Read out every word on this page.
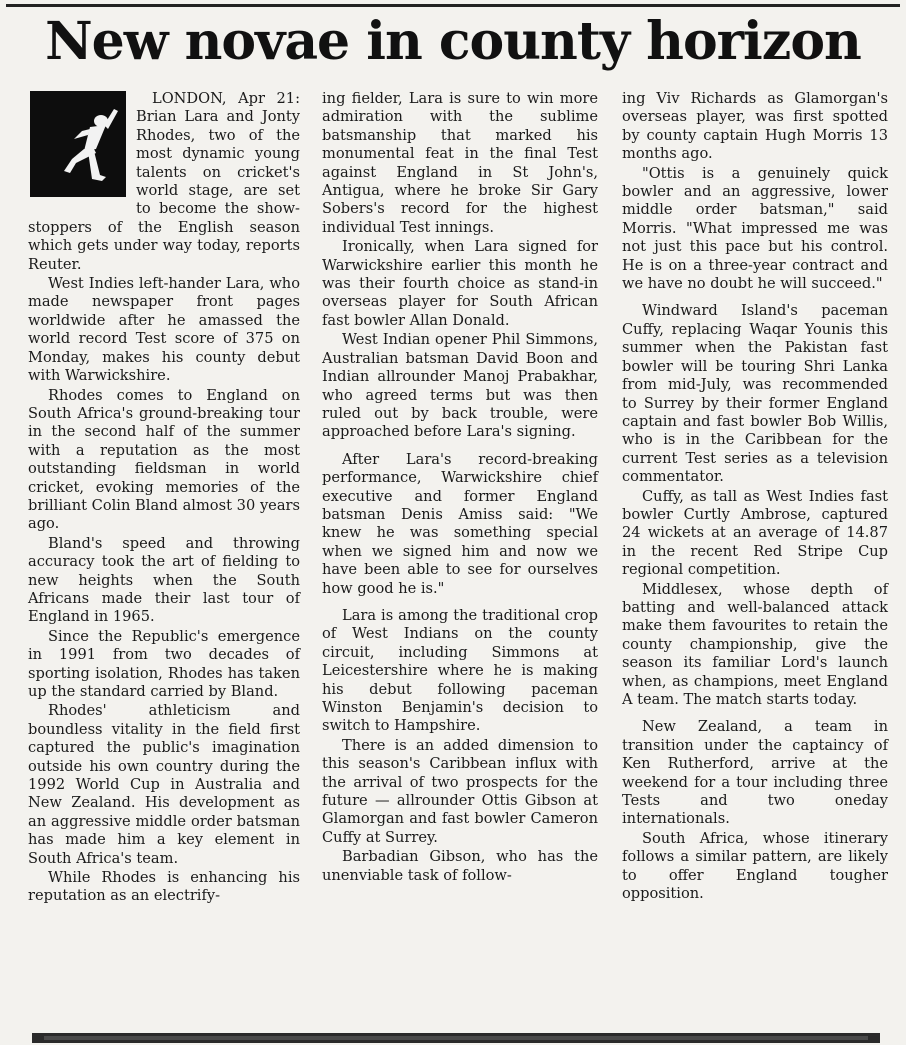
New novae in county horizon

LONDON, Apr 21: Brian Lara and Jonty Rhodes, two of the most dynamic young talents on cricket's world stage, are set to become the show-stoppers of the English season which gets under way today, reports Reuter.

West Indies left-hander Lara, who made newspaper front pages worldwide after he amassed the world record Test score of 375 on Monday, makes his county debut with Warwickshire.

Rhodes comes to England on South Africa's ground-breaking tour in the second half of the summer with a reputation as the most outstanding fieldsman in world cricket, evoking memories of the brilliant Colin Bland almost 30 years ago.

Bland's speed and throwing accuracy took the art of fielding to new heights when the South Africans made their last tour of England in 1965.

Since the Republic's emergence in 1991 from two decades of sporting isolation, Rhodes has taken up the standard carried by Bland.

Rhodes' athleticism and boundless vitality in the field first captured the public's imagination outside his own country during the 1992 World Cup in Australia and New Zealand. His development as an aggressive middle order batsman has made him a key element in South Africa's team.

While Rhodes is enhancing his reputation as an electrify-

ing fielder, Lara is sure to win more admiration with the sublime batsmanship that marked his monumental feat in the final Test against England in St John's, Antigua, where he broke Sir Gary Sobers's record for the highest individual Test innings.

Ironically, when Lara signed for Warwickshire earlier this month he was their fourth choice as stand-in overseas player for South African fast bowler Allan Donald.

West Indian opener Phil Simmons, Australian batsman David Boon and Indian allrounder Manoj Prabakhar, who agreed terms but was then ruled out by back trouble, were approached before Lara's signing.

After Lara's record-breaking performance, Warwickshire chief executive and former England batsman Denis Amiss said: "We knew he was something special when we signed him and now we have been able to see for ourselves how good he is."

Lara is among the traditional crop of West Indians on the county circuit, including Simmons at Leicestershire where he is making his debut following paceman Winston Benjamin's decision to switch to Hampshire.

There is an added dimension to this season's Caribbean influx with the arrival of two prospects for the future — allrounder Ottis Gibson at Glamorgan and fast bowler Cameron Cuffy at Surrey.

Barbadian Gibson, who has the unenviable task of follow-

ing Viv Richards as Glamorgan's overseas player, was first spotted by county captain Hugh Morris 13 months ago.

"Ottis is a genuinely quick bowler and an aggressive, lower middle order batsman," said Morris. "What impressed me was not just this pace but his control. He is on a three-year contract and we have no doubt he will succeed."

Windward Island's paceman Cuffy, replacing Waqar Younis this summer when the Pakistan fast bowler will be touring Shri Lanka from mid-July, was recommended to Surrey by their former England captain and fast bowler Bob Willis, who is in the Caribbean for the current Test series as a television commentator.

Cuffy, as tall as West Indies fast bowler Curtly Ambrose, captured 24 wickets at an average of 14.87 in the recent Red Stripe Cup regional competition.

Middlesex, whose depth of batting and well-balanced attack make them favourites to retain the county championship, give the season its familiar Lord's launch when, as champions, meet England A team. The match starts today.

New Zealand, a team in transition under the captaincy of Ken Rutherford, arrive at the weekend for a tour including three Tests and two oneday internationals.

South Africa, whose itinerary follows a similar pattern, are likely to offer England tougher opposition.
